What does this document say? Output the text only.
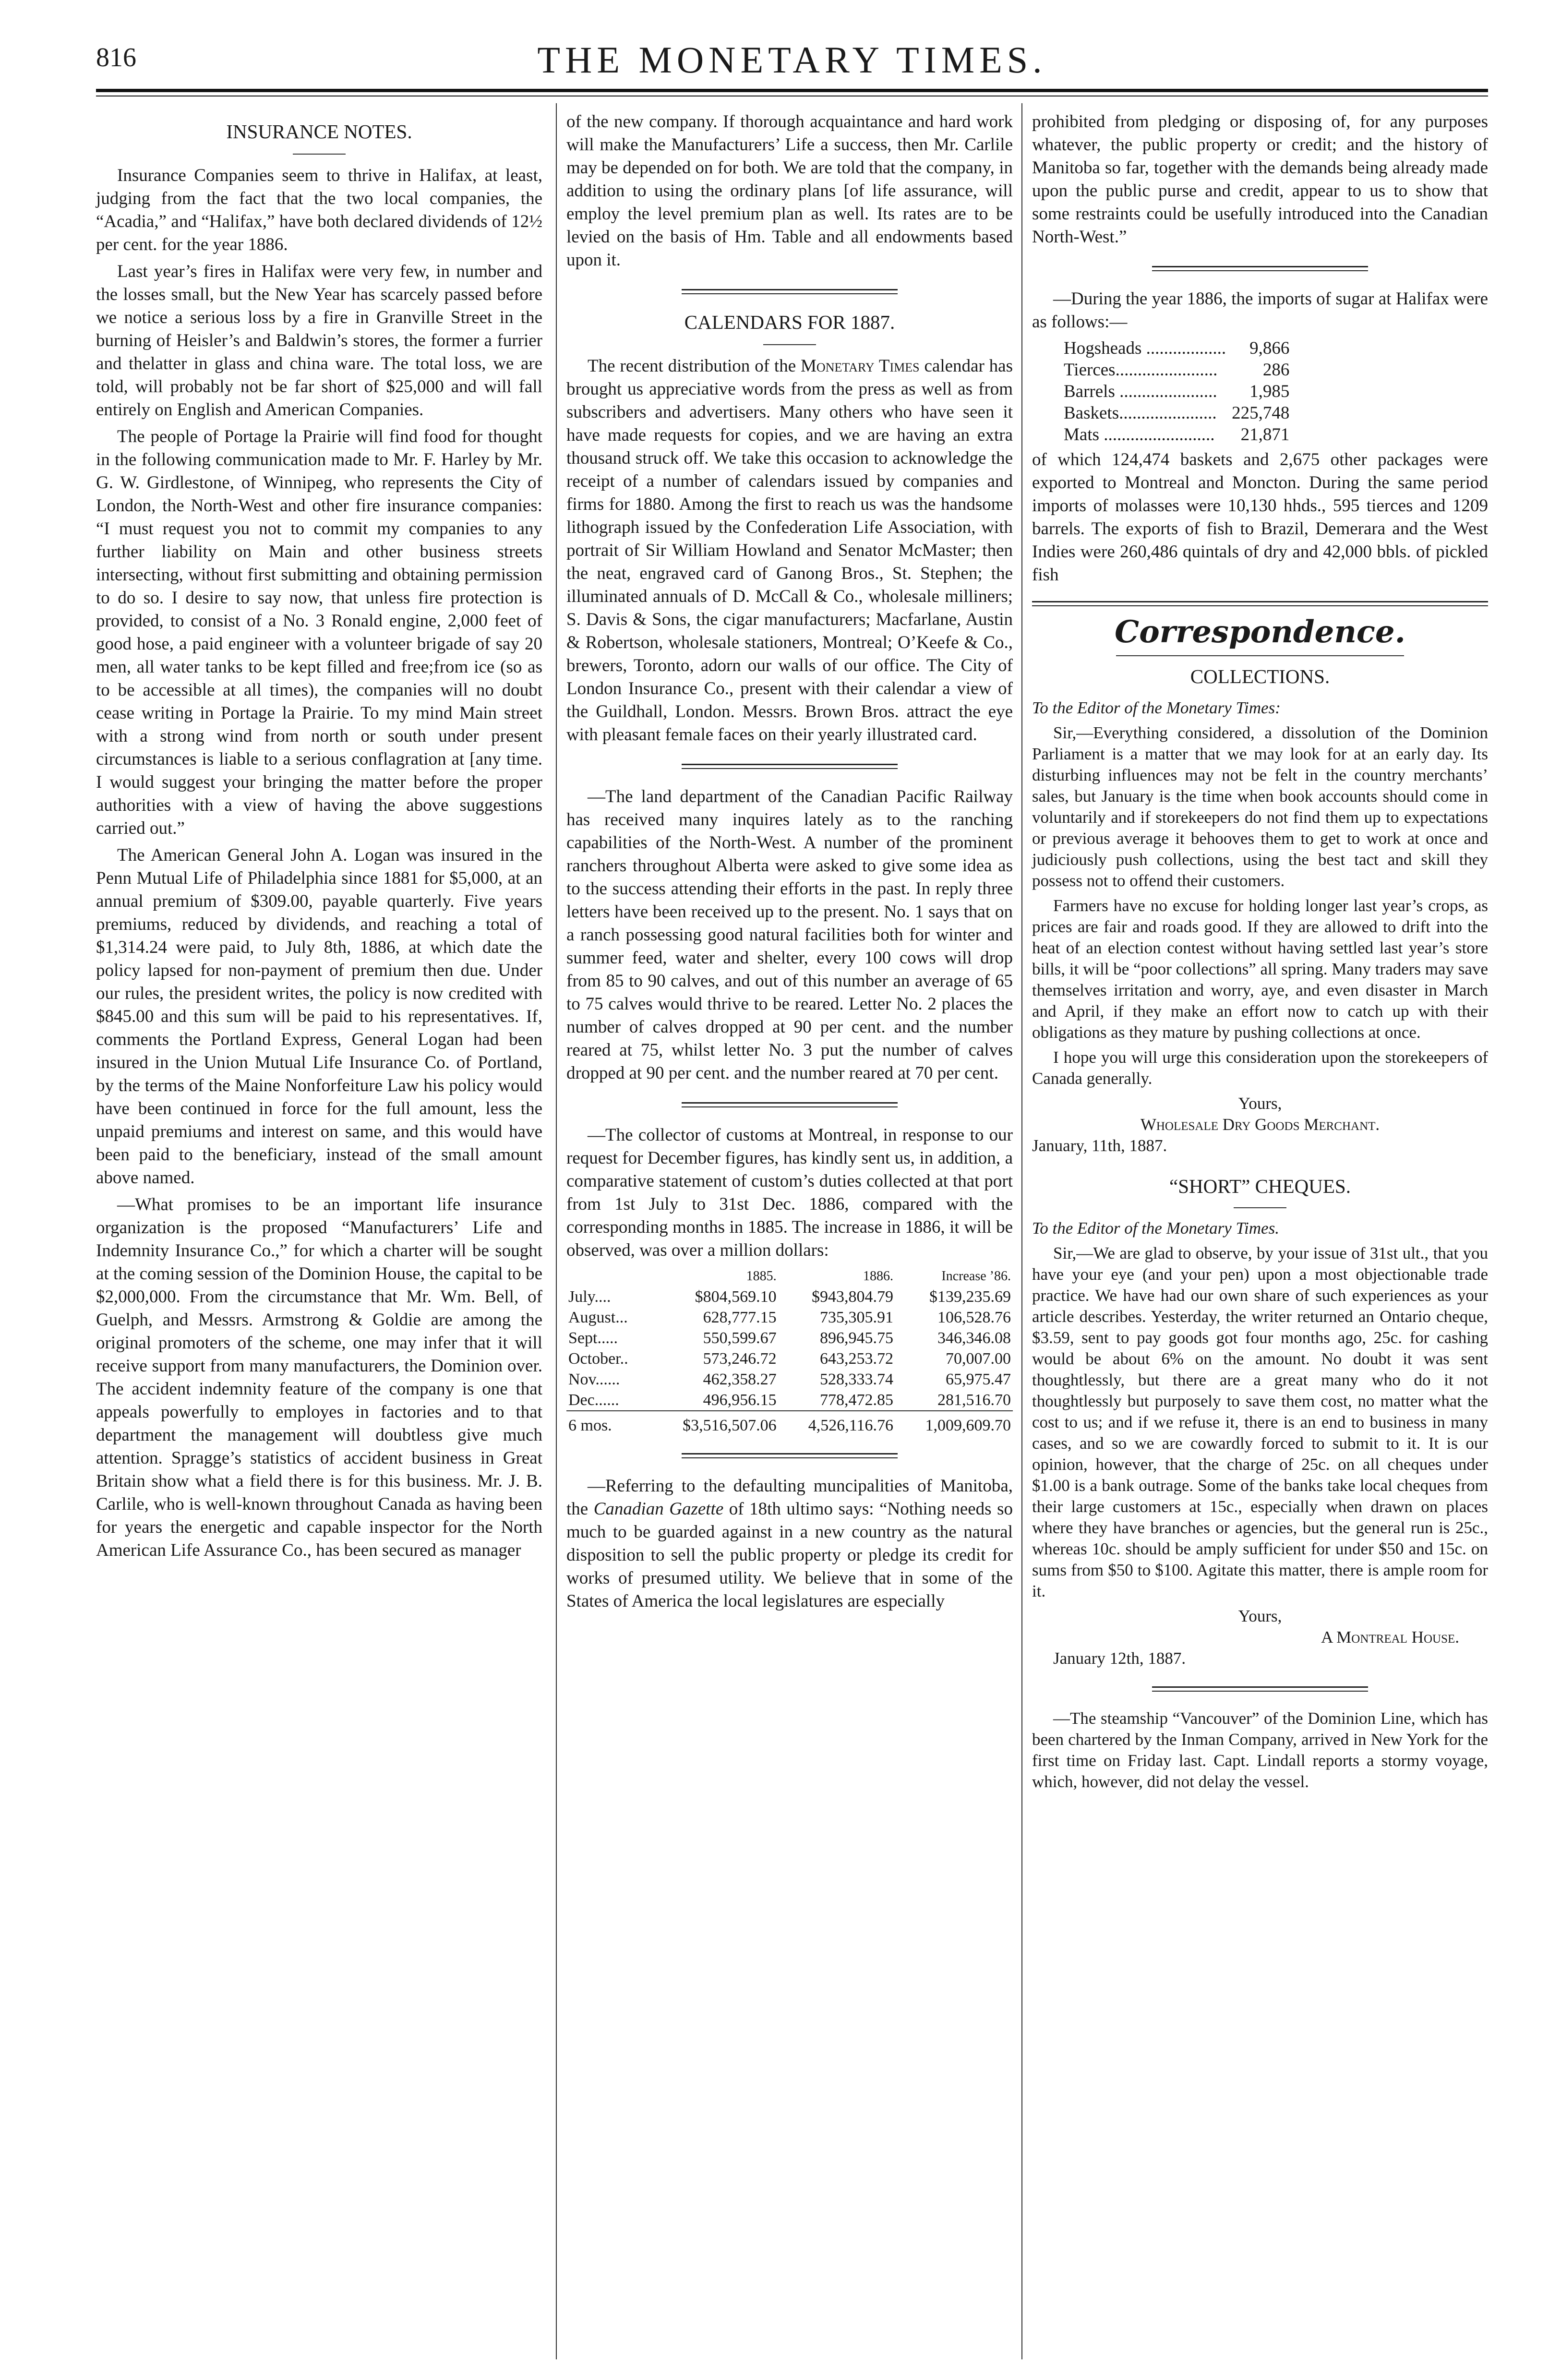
816	THE MONETARY TIMES.
INSURANCE NOTES.

Insurance Companies seem to thrive in Halifax, at least, judging from the fact that the two local companies, the “Acadia,” and “Halifax,” have both declared dividends of 12½ per cent. for the year 1886.

Last year’s fires in Halifax were very few, in number and the losses small, but the New Year has scarcely passed before we notice a serious loss by a fire in Granville Street in the burning of Heisler’s and Baldwin’s stores, the former a furrier and thelatter in glass and china ware. The total loss, we are told, will probably not be far short of $25,000 and will fall entirely on English and American Companies.

The people of Portage la Prairie will find food for thought in the following communication made to Mr. F. Harley by Mr. G. W. Girdlestone, of Winnipeg, who represents the City of London, the North-West and other fire insurance companies: “I must request you not to commit my companies to any further liability on Main and other business streets intersecting, without first submitting and obtaining permission to do so. I desire to say now, that unless fire protection is provided, to consist of a No. 3 Ronald engine, 2,000 feet of good hose, a paid engineer with a volunteer brigade of say 20 men, all water tanks to be kept filled and free;from ice (so as to be accessible at all times), the companies will no doubt cease writing in Portage la Prairie. To my mind Main street with a strong wind from north or south under present circumstances is liable to a serious conflagration at [any time. I would suggest your bringing the matter before the proper authorities with a view of having the above suggestions carried out.”

The American General John A. Logan was insured in the Penn Mutual Life of Philadelphia since 1881 for $5,000, at an annual premium of $309.00, payable quarterly. Five years premiums, reduced by dividends, and reaching a total of $1,314.24 were paid, to July 8th, 1886, at which date the policy lapsed for non-payment of premium then due. Under our rules, the president writes, the policy is now credited with $845.00 and this sum will be paid to his representatives. If, comments the Portland Express, General Logan had been insured in the Union Mutual Life Insurance Co. of Portland, by the terms of the Maine Nonforfeiture Law his policy would have been continued in force for the full amount, less the unpaid premiums and interest on same, and this would have been paid to the beneficiary, instead of the small amount above named.

—What promises to be an important life insurance organization is the proposed “Manufacturers’ Life and Indemnity Insurance Co.,” for which a charter will be sought at the coming session of the Dominion House, the capital to be $2,000,000. From the circumstance that Mr. Wm. Bell, of Guelph, and Messrs. Armstrong & Goldie are among the original promoters of the scheme, one may infer that it will receive support from many manufacturers, the Dominion over. The accident indemnity feature of the company is one that appeals powerfully to employes in factories and to that department the management will doubtless give much attention. Spragge’s statistics of accident business in Great Britain show what a field there is for this business. Mr. J. B. Carlile, who is well-known throughout Canada as having been for years the energetic and capable inspector for the North American Life Assurance Co., has been secured as manager

of the new company. If thorough acquaintance and hard work will make the Manufacturers’ Life a success, then Mr. Carlile may be depended on for both. We are told that the company, in addition to using the ordinary plans [of life assurance, will employ the level premium plan as well. Its rates are to be levied on the basis of Hm. Table and all endowments based upon it.

CALENDARS FOR 1887.

The recent distribution of the Monetary Times calendar has brought us appreciative words from the press as well as from subscribers and advertisers. Many others who have seen it have made requests for copies, and we are having an extra thousand struck off. We take this occasion to acknowledge the receipt of a number of calendars issued by companies and firms for 1880. Among the first to reach us was the handsome lithograph issued by the Confederation Life Association, with portrait of Sir William Howland and Senator McMaster; then the neat, engraved card of Ganong Bros., St. Stephen; the illuminated annuals of D. McCall & Co., wholesale milliners; S. Davis & Sons, the cigar manufacturers; Macfarlane, Austin & Robertson, wholesale stationers, Montreal; O’Keefe & Co., brewers, Toronto, adorn our walls of our office. The City of London Insurance Co., present with their calendar a view of the Guildhall, London. Messrs. Brown Bros. attract the eye with pleasant female faces on their yearly illustrated card.

—The land department of the Canadian Pacific Railway has received many inquires lately as to the ranching capabilities of the North-West. A number of the prominent ranchers throughout Alberta were asked to give some idea as to the success attending their efforts in the past. In reply three letters have been received up to the present. No. 1 says that on a ranch possessing good natural facilities both for winter and summer feed, water and shelter, every 100 cows will drop from 85 to 90 calves, and out of this number an average of 65 to 75 calves would thrive to be reared. Letter No. 2 places the number of calves dropped at 90 per cent. and the number reared at 75, whilst letter No. 3 put the number of calves dropped at 90 per cent. and the number reared at 70 per cent.

—The collector of customs at Montreal, in response to our request for December figures, has kindly sent us, in addition, a comparative statement of custom’s duties collected at that port from 1st July to 31st Dec. 1886, compared with the corresponding months in 1885. The increase in 1886, it will be observed, was over a million dollars:

	1885.	1886.	Increase ’86.
July....	$804,569.10	$943,804.79	$139,235.69
August...	628,777.15	735,305.91	106,528.76
Sept.....	550,599.67	896,945.75	346,346.08
October..	573,246.72	643,253.72	70,007.00
Nov......	462,358.27	528,333.74	65,975.47
Dec......	496,956.15	778,472.85	281,516.70
6 mos.	$3,516,507.06	4,526,116.76	1,009,609.70

—Referring to the defaulting muncipalities of Manitoba, the Canadian Gazette of 18th ultimo says: “Nothing needs so much to be guarded against in a new country as the natural disposition to sell the public property or pledge its credit for works of presumed utility. We believe that in some of the States of America the local legislatures are especially

prohibited from pledging or disposing of, for any purposes whatever, the public property or credit; and the history of Manitoba so far, together with the demands being already made upon the public purse and credit, appear to us to show that some restraints could be usefully introduced into the Canadian North-West.”

—During the year 1886, the imports of sugar at Halifax were as follows:—

Hogsheads ..................	9,866
Tierces.......................	286
Barrels ......................	1,985
Baskets......................	225,748
Mats .........................	21,871

of which 124,474 baskets and 2,675 other packages were exported to Montreal and Moncton. During the same period imports of molasses were 10,130 hhds., 595 tierces and 1209 barrels. The exports of fish to Brazil, Demerara and the West Indies were 260,486 quintals of dry and 42,000 bbls. of pickled fish

Correspondence.
COLLECTIONS.

To the Editor of the Monetary Times:

Sir,—Everything considered, a dissolution of the Dominion Parliament is a matter that we may look for at an early day. Its disturbing influences may not be felt in the country merchants’ sales, but January is the time when book accounts should come in voluntarily and if storekeepers do not find them up to expectations or previous average it behooves them to get to work at once and judiciously push collections, using the best tact and skill they possess not to offend their customers.

Farmers have no excuse for holding longer last year’s crops, as prices are fair and roads good. If they are allowed to drift into the heat of an election contest without having settled last year’s store bills, it will be “poor collections” all spring. Many traders may save themselves irritation and worry, aye, and even disaster in March and April, if they make an effort now to catch up with their obligations as they mature by pushing collections at once.

I hope you will urge this consideration upon the storekeepers of Canada generally.

Yours,
Wholesale Dry Goods Merchant.
January, 11th, 1887.
“SHORT” CHEQUES.

To the Editor of the Monetary Times.

Sir,—We are glad to observe, by your issue of 31st ult., that you have your eye (and your pen) upon a most objectionable trade practice. We have had our own share of such experiences as your article describes. Yesterday, the writer returned an Ontario cheque, $3.59, sent to pay goods got four months ago, 25c. for cashing would be about 6% on the amount. No doubt it was sent thoughtlessly, but there are a great many who do it not thoughtlessly but purposely to save them cost, no matter what the cost to us; and if we refuse it, there is an end to business in many cases, and so we are cowardly forced to submit to it. It is our opinion, however, that the charge of 25c. on all cheques under $1.00 is a bank outrage. Some of the banks take local cheques from their large customers at 15c., especially when drawn on places where they have branches or agencies, but the general run is 25c., whereas 10c. should be amply sufficient for under $50 and 15c. on sums from $50 to $100. Agitate this matter, there is ample room for it.

Yours,
A Montreal House.
January 12th, 1887.

—The steamship “Vancouver” of the Dominion Line, which has been chartered by the Inman Company, arrived in New York for the first time on Friday last. Capt. Lindall reports a stormy voyage, which, however, did not delay the vessel.
